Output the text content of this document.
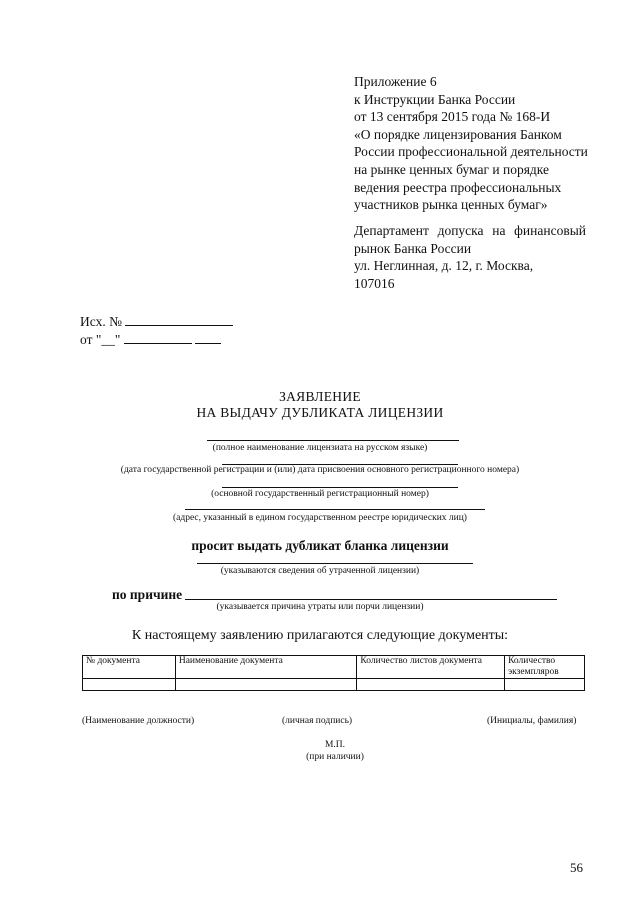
Приложение 6
к Инструкции Банка России
от 13 сентября 2015 года № 168-И
«О порядке лицензирования Банком
России профессиональной деятельности
на рынке ценных бумаг и порядке
ведения реестра профессиональных
участников рынка ценных бумаг»
Департамент допуска на финансовый
рынок Банка России
ул. Неглинная, д. 12, г. Москва,
107016
Исх. №
от "__"
ЗАЯВЛЕНИЕ
НА ВЫДАЧУ ДУБЛИКАТА ЛИЦЕНЗИИ
(полное наименование лицензиата на русском языке)
(дата государственной регистрации и (или) дата присвоения основного регистрационного номера)
(основной государственный регистрационный номер)
(адрес, указанный в едином государственном реестре юридических лиц)
просит выдать дубликат бланка лицензии
(указываются сведения об утраченной лицензии)
по причине
(указывается причина утраты или порчи лицензии)
К настоящему заявлению прилагаются следующие документы:
№ документа	Наименование документа	Количество листов документа	Количество экземпляров

(Наименование должности)	(личная подпись)	(Инициалы, фамилия)
М.П.
(при наличии)
56
